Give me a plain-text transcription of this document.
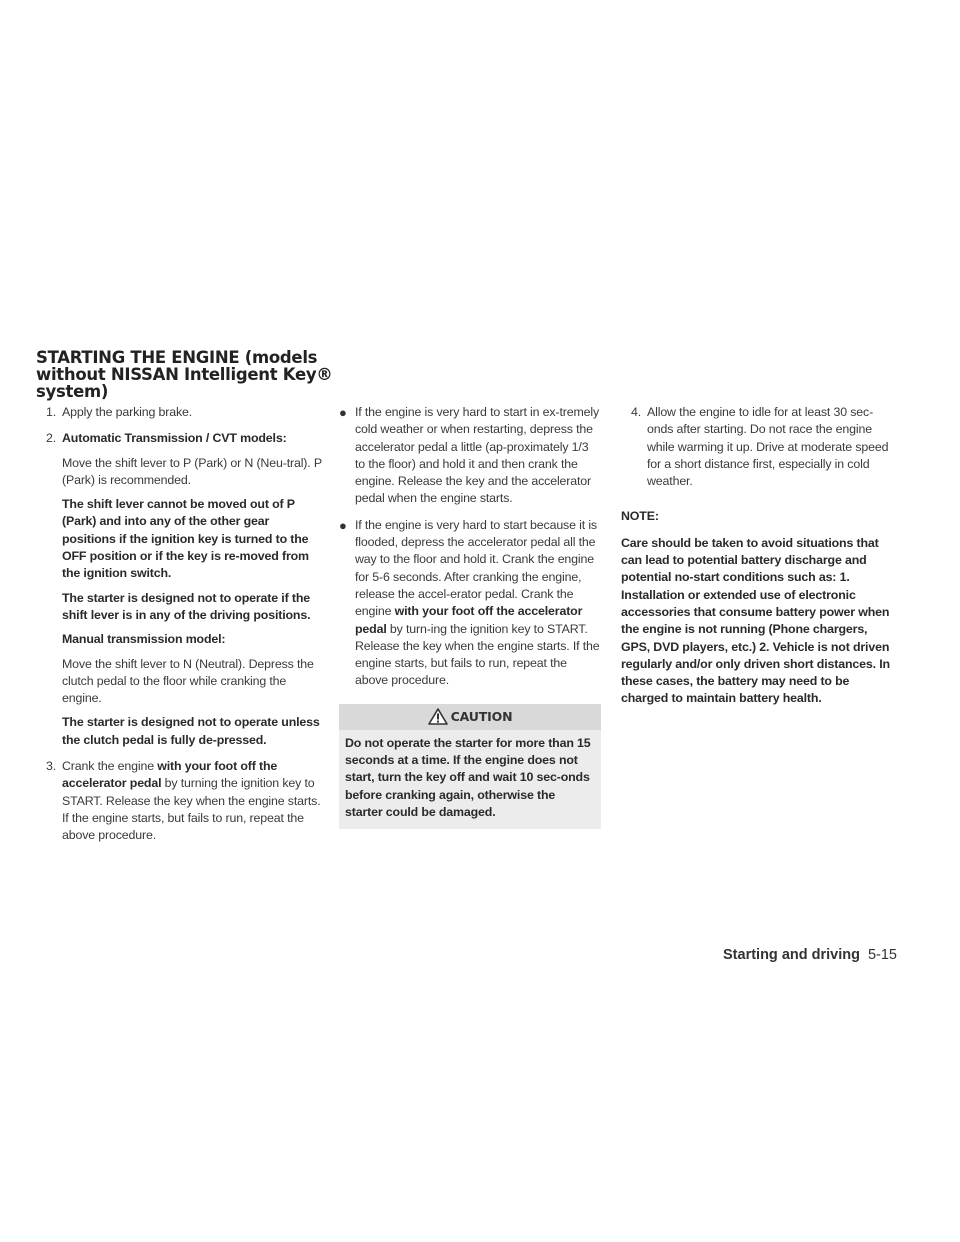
STARTING THE ENGINE (models
without NISSAN Intelligent Key®
system)

1. Apply the parking brake.

2. Automatic Transmission / CVT models:

Move the shift lever to P (Park) or N (Neu-tral). P (Park) is recommended.

The shift lever cannot be moved out of P (Park) and into any of the other gear positions if the ignition key is turned to the OFF position or if the key is re-moved from the ignition switch.

The starter is designed not to operate if the shift lever is in any of the driving positions.

Manual transmission model:

Move the shift lever to N (Neutral). Depress the clutch pedal to the floor while cranking the engine.

The starter is designed not to operate unless the clutch pedal is fully de-pressed.

3. Crank the engine with your foot off the accelerator pedal by turning the ignition key to START. Release the key when the engine starts. If the engine starts, but fails to run, repeat the above procedure.

● If the engine is very hard to start in ex-tremely cold weather or when restarting, depress the accelerator pedal a little (ap-proximately 1/3 to the floor) and hold it and then crank the engine. Release the key and the accelerator pedal when the engine starts.

● If the engine is very hard to start because it is flooded, depress the accelerator pedal all the way to the floor and hold it. Crank the engine for 5-6 seconds. After cranking the engine, release the accel-erator pedal. Crank the engine with your foot off the accelerator pedal by turn-ing the ignition key to START. Release the key when the engine starts. If the engine starts, but fails to run, repeat the above procedure.

CAUTION
Do not operate the starter for more than 15 seconds at a time. If the engine does not start, turn the key off and wait 10 sec-onds before cranking again, otherwise the starter could be damaged.

4. Allow the engine to idle for at least 30 sec-onds after starting. Do not race the engine while warming it up. Drive at moderate speed for a short distance first, especially in cold weather.

NOTE:

Care should be taken to avoid situations that can lead to potential battery discharge and potential no-start conditions such as: 1. Installation or extended use of electronic accessories that consume battery power when the engine is not running (Phone chargers, GPS, DVD players, etc.) 2. Vehicle is not driven regularly and/or only driven short distances. In these cases, the battery may need to be charged to maintain battery health.

Starting and driving 5-15
